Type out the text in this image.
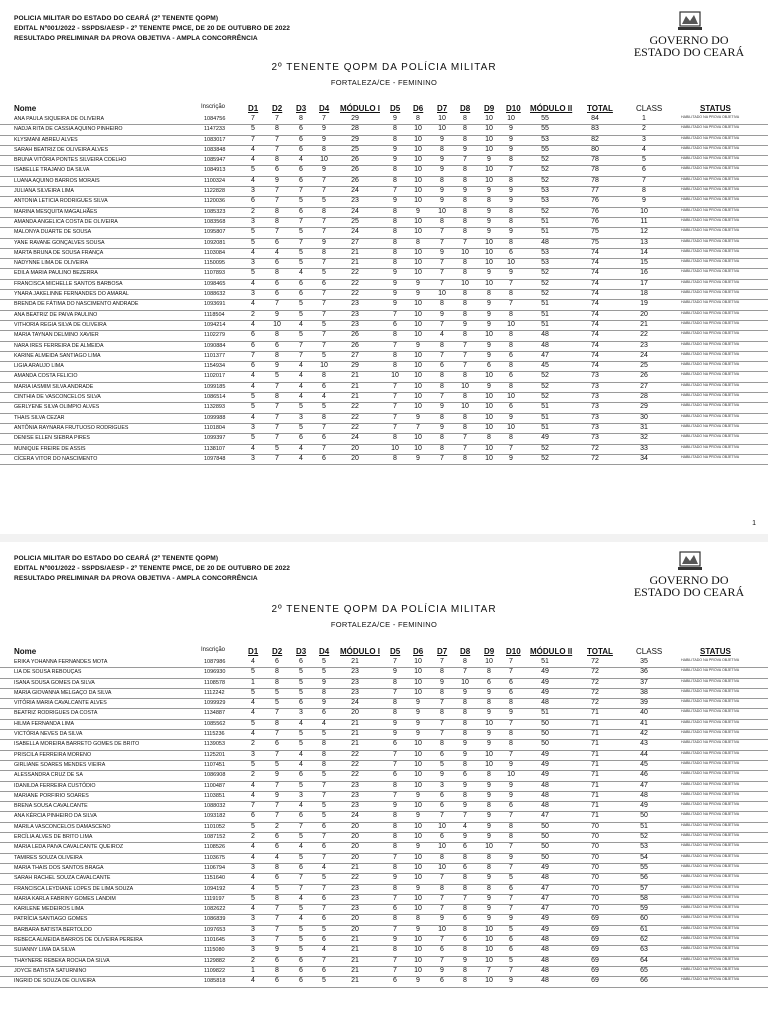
POLICIA MILITAR DO ESTADO DO CEARÁ (2º TENENTE QOPM)
EDITAL Nº001/2022 - SSPDS/AESP - 2º TENENTE PMCE, DE 20 DE OUTUBRO DE 2022
RESULTADO PRELIMINAR DA PROVA OBJETIVA - AMPLA CONCORRÊNCIA	GOVERNO DO
ESTADO DO CEARÁ
2º TENENTE QOPM DA POLÍCIA MILITAR
FORTALEZA/CE - FEMININO
Nome	Inscrição	D1 D2 D3 D4 MÓDULO I D5 D6 D7 D8 D9 D10 MÓDULO II TOTAL	CLASS	STATUS
ANA PAULA SIQUEIRA DE OLIVEIRA	1084756	7	7	8	7	29	9	8	10	8	10	10	55	84	1	HABILITADO NA PROVA OBJETIVA
NADJA RITA DE CASSIA AQUINO PINHEIRO	1147233	5	8	6	9	28	8	10	10	8	10	9	55	83	2	HABILITADO NA PROVA OBJETIVA
KLYSMANI ABREU ALVES	1083017	7	7	6	9	29	8	10	9	8	10	9	53	82	3	HABILITADO NA PROVA OBJETIVA
SARAH BEATRIZ DE OLIVEIRA ALVES	1083848	4	7	6	8	25	9	10	8	9	10	9	55	80	4	HABILITADO NA PROVA OBJETIVA
BRUNA VITÓRIA PONTES SILVEIRA COELHO	1085947	4	8	4	10	26	9	10	9	7	9	8	52	78	5	HABILITADO NA PROVA OBJETIVA
ISABELLE TRAJANO DA SILVA	1084913	5	6	6	9	26	8	10	9	8	10	7	52	78	6	HABILITADO NA PROVA OBJETIVA
LUANA AQUINO BARROS MORAIS	1100324	4	9	6	7	26	8	10	8	8	10	8	52	78	7	HABILITADO NA PROVA OBJETIVA
JULIANA SILVEIRA LIMA	1122828	3	7	7	7	24	7	10	9	9	9	9	53	77	8	HABILITADO NA PROVA OBJETIVA
ANTONIA LETICIA RODRIGUES SILVA	1120036	6	7	5	5	23	9	10	9	8	8	9	53	76	9	HABILITADO NA PROVA OBJETIVA
MARINA MESQUITA MAGALHÃES	1085323	2	8	6	8	24	8	9	10	8	9	8	52	76	10	HABILITADO NA PROVA OBJETIVA
AMANDA ANGELICA COSTA DE OLIVEIRA	1083568	3	8	7	7	25	8	10	8	8	9	8	51	76	11	HABILITADO NA PROVA OBJETIVA
MALONYA DUARTE DE SOUSA	1095807	5	7	5	7	24	8	10	7	8	9	9	51	75	12	HABILITADO NA PROVA OBJETIVA
YANE RAVANE GONÇALVES SOUSA	1092081	5	6	7	9	27	8	8	7	7	10	8	48	75	13	HABILITADO NA PROVA OBJETIVA
MARTA BRUNA DE SOUSA FRANÇA	1103084	4	4	5	8	21	8	10	9	10	10	6	53	74	14	HABILITADO NA PROVA OBJETIVA
NADYNNE LIMA DE OLIVEIRA	1150095	3	6	5	7	21	8	10	7	8	10	10	53	74	15	HABILITADO NA PROVA OBJETIVA
EDILA MARIA PAULINO BEZERRA	1107893	5	8	4	5	22	9	10	7	8	9	9	52	74	16	HABILITADO NA PROVA OBJETIVA
FRANCISCA MICHELLE SANTOS BARBOSA	1098465	4	6	6	6	22	9	9	7	10	10	7	52	74	17	HABILITADO NA PROVA OBJETIVA
YNARA JAKELINNE FERNANDES DO AMARAL	1088632	3	6	6	7	22	9	9	10	8	8	8	52	74	18	HABILITADO NA PROVA OBJETIVA
BRENDA DE FÁTIMA DO NASCIMENTO ANDRADE	1093691	4	7	5	7	23	9	10	8	8	9	7	51	74	19	HABILITADO NA PROVA OBJETIVA
ANA BEATRIZ DE PAIVA PAULINO	1118504	2	9	5	7	23	7	10	9	8	9	8	51	74	20	HABILITADO NA PROVA OBJETIVA
VITHORIA REGIA SILVA DE OLIVEIRA	1094214	4	10	4	5	23	6	10	7	9	9	10	51	74	21	HABILITADO NA PROVA OBJETIVA
MARIA TAYNAN DELMINO XAVIER	1102279	6	8	5	7	26	8	10	4	8	10	8	48	74	22	HABILITADO NA PROVA OBJETIVA
NARA IRES FERREIRA DE ALMEIDA	1090884	6	6	7	7	26	7	9	8	7	9	8	48	74	23	HABILITADO NA PROVA OBJETIVA
KARINE ALMEIDA SANTIAGO LIMA	1101377	7	8	7	5	27	8	10	7	7	9	6	47	74	24	HABILITADO NA PROVA OBJETIVA
LIGIA ARAUJO LIMA	1154934	6	9	4	10	29	8	10	6	7	6	8	45	74	25	HABILITADO NA PROVA OBJETIVA
AMANDA COSTA FELICIO	1102017	4	5	4	8	21	10	10	8	8	10	6	52	73	26	HABILITADO NA PROVA OBJETIVA
MARIA IASMIM SILVA ANDRADE	1099185	4	7	4	6	21	7	10	8	10	9	8	52	73	27	HABILITADO NA PROVA OBJETIVA
CINTHIA DE VASCONCELOS SILVA	1086514	5	8	4	4	21	7	10	7	8	10	10	52	73	28	HABILITADO NA PROVA OBJETIVA
GERLYENE SILVA OLIMPIO ALVES	1132893	5	7	5	5	22	7	10	9	10	10	6	51	73	29	HABILITADO NA PROVA OBJETIVA
THAIS SILVA CEZAR	1099988	4	7	3	8	22	7	9	8	8	10	9	51	73	30	HABILITADO NA PROVA OBJETIVA
ANTÔNIA RAYNARA FRUTUOSO RODRIGUES	1101804	3	7	5	7	22	7	7	9	8	10	10	51	73	31	HABILITADO NA PROVA OBJETIVA
DENISE ELLEN SIEBRA PIRES	1099397	5	7	6	6	24	8	10	8	7	8	8	49	73	32	HABILITADO NA PROVA OBJETIVA
MUNIQUE FREIRE DE ASSIS	1138107	4	5	4	7	20	10	10	8	7	10	7	52	72	33	HABILITADO NA PROVA OBJETIVA
CÍCERA VITOR DO NASCIMENTO	1097848	3	7	4	6	20	8	9	7	8	10	9	52	72	34	HABILITADO NA PROVA OBJETIVA
1
POLICIA MILITAR DO ESTADO DO CEARÁ (2º TENENTE QOPM)
EDITAL Nº001/2022 - SSPDS/AESP - 2º TENENTE PMCE, DE 20 DE OUTUBRO DE 2022
RESULTADO PRELIMINAR DA PROVA OBJETIVA - AMPLA CONCORRÊNCIA	GOVERNO DO
ESTADO DO CEARÁ
2º TENENTE QOPM DA POLÍCIA MILITAR
FORTALEZA/CE - FEMININO
Nome	Inscrição	D1 D2 D3 D4 MÓDULO I D5 D6 D7 D8 D9 D10 MÓDULO II TOTAL	CLASS	STATUS
ERIKA YOHANNA FERNANDES MOTA	1087986	4	6	6	5	21	7	10	7	8	10	7	51	72	35	HABILITADO NA PROVA OBJETIVA
LIA DE SOUSA REBOUÇAS	1096930	5	8	5	5	23	9	10	8	7	8	7	49	72	36	HABILITADO NA PROVA OBJETIVA
ISANA SOUSA GOMES DA SILVA	1108578	1	8	5	9	23	8	10	9	10	6	6	49	72	37	HABILITADO NA PROVA OBJETIVA
MARIA GIOVANNA MELGAÇO DA SILVA	1112242	5	5	5	8	23	7	10	8	9	9	6	49	72	38	HABILITADO NA PROVA OBJETIVA
VITÓRIA MARIA CAVALCANTE ALVES	1099929	4	5	6	9	24	8	9	7	8	8	8	48	72	39	HABILITADO NA PROVA OBJETIVA
BEATRIZ RODRIGUES DA COSTA	1134887	4	7	3	6	20	8	9	8	8	9	9	51	71	40	HABILITADO NA PROVA OBJETIVA
HILMA FERNANDA LIMA	1085562	5	8	4	4	21	9	9	7	8	10	7	50	71	41	HABILITADO NA PROVA OBJETIVA
VICTÓRIA NEVES DA SILVA	1115236	4	7	5	5	21	9	9	7	8	9	8	50	71	42	HABILITADO NA PROVA OBJETIVA
ISABELLA MOREIRA BARRETO GOMES DE BRITO	1139053	2	6	5	8	21	6	10	8	9	9	8	50	71	43	HABILITADO NA PROVA OBJETIVA
PRISCILA FERREIRA MORENO	1125201	3	7	4	8	22	7	10	6	9	10	7	49	71	44	HABILITADO NA PROVA OBJETIVA
GIRLIANE SOARES MENDES VIEIRA	1107451	5	5	4	8	22	7	10	5	8	10	9	49	71	45	HABILITADO NA PROVA OBJETIVA
ALESSANDRA CRUZ DE SA	1086908	2	9	6	5	22	6	10	9	6	8	10	49	71	46	HABILITADO NA PROVA OBJETIVA
IDANILDA FERREIRA CUSTÓDIO	1100487	4	7	5	7	23	8	10	3	9	9	9	48	71	47	HABILITADO NA PROVA OBJETIVA
MARIANE PORFIRIO SOARES	1103851	4	9	3	7	23	7	9	6	8	9	9	48	71	48	HABILITADO NA PROVA OBJETIVA
BRENA SOUSA CAVALCANTE	1088032	7	7	4	5	23	9	10	6	9	8	6	48	71	49	HABILITADO NA PROVA OBJETIVA
ANA KÉRCIA PINHEIRO DA SILVA	1093182	6	7	6	5	24	8	9	7	7	9	7	47	71	50	HABILITADO NA PROVA OBJETIVA
MARILA VASCONCELOS DAMASCENO	1101052	5	2	7	6	20	8	10	10	4	9	8	50	70	51	HABILITADO NA PROVA OBJETIVA
ERCÍLIA ALVES DE BRITO LIMA	1087152	2	6	5	7	20	8	10	6	9	9	8	50	70	52	HABILITADO NA PROVA OBJETIVA
MARIA LEDA PAIVA CAVALCANTE QUEIROZ	1108526	4	6	4	6	20	8	9	10	6	10	7	50	70	53	HABILITADO NA PROVA OBJETIVA
TAMIRES SOUZA OLIVEIRA	1103675	4	4	5	7	20	7	10	8	8	8	9	50	70	54	HABILITADO NA PROVA OBJETIVA
MARIA THAIS DOS SANTOS BRAGA	1106794	3	8	6	4	21	8	10	10	6	8	7	49	70	55	HABILITADO NA PROVA OBJETIVA
SARAH RACHEL SOUZA CAVALCANTE	1151640	4	6	7	5	22	9	10	7	8	9	5	48	70	56	HABILITADO NA PROVA OBJETIVA
FRANCISCA LEYDIANE LOPES DE LIMA SOUZA	1094192	4	5	7	7	23	8	9	8	8	8	6	47	70	57	HABILITADO NA PROVA OBJETIVA
MARIA KARLA FABRINY GOMES LANDIM	1119197	5	8	4	6	23	7	10	7	7	9	7	47	70	58	HABILITADO NA PROVA OBJETIVA
KARILENE MEDEIROS LIMA	1082622	4	7	5	7	23	6	10	7	8	9	7	47	70	59	HABILITADO NA PROVA OBJETIVA
PATRÍCIA SANTIAGO GOMES	1086839	3	7	4	6	20	8	8	9	6	9	9	49	69	60	HABILITADO NA PROVA OBJETIVA
BARBARA BATISTA BERTOLDO	1097653	3	7	5	5	20	7	9	10	8	10	5	49	69	61	HABILITADO NA PROVA OBJETIVA
REBECA ALMEIDA BARROS DE OLIVEIRA PEREIRA	1101645	3	7	5	6	21	9	10	7	6	10	6	48	69	62	HABILITADO NA PROVA OBJETIVA
SUIANNY LIMA DA SILVA	1115080	3	9	5	4	21	8	10	6	8	10	6	48	69	63	HABILITADO NA PROVA OBJETIVA
THAYNERE REBEKA ROCHA DA SILVA	1129882	2	6	6	7	21	7	10	7	9	10	5	48	69	64	HABILITADO NA PROVA OBJETIVA
JOYCE BATISTA SATURNINO	1109822	1	8	6	6	21	7	10	9	8	7	7	48	69	65	HABILITADO NA PROVA OBJETIVA
INGRID DE SOUZA DE OLIVEIRA	1085818	4	6	6	5	21	6	9	6	8	10	9	48	69	66	HABILITADO NA PROVA OBJETIVA
